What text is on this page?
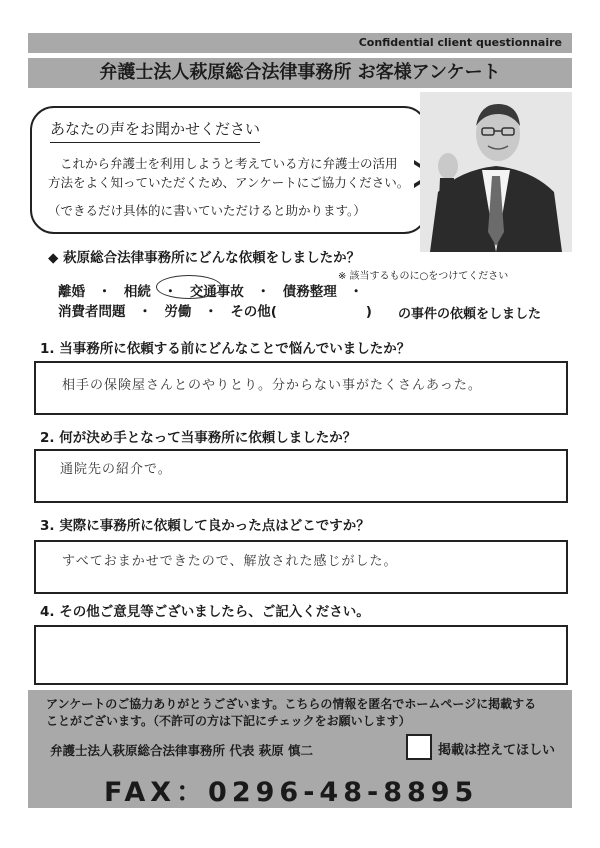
Confidential client questionnaire
弁護士法人萩原総合法律事務所 お客様アンケート
あなたの声をお聞かせください
これから弁護士を利用しようと考えている方に弁護士の活用
方法をよく知っていただくため、アンケートにご協力ください。
（できるだけ具体的に書いていただけると助かります。）
◆ 萩原総合法律事務所にどんな依頼をしましたか？
※ 該当するものに○をつけてください
離婚 ・ 相続 ・ 交通事故 ・ 債務整理 ・
消費者問題 ・ 労働 ・ その他(	) の事件の依頼をしました
1. 当事務所に依頼する前にどんなことで悩んでいましたか？
相手の保険屋さんとのやりとり。分からない事がたくさんあった。
2. 何が決め手となって当事務所に依頼しましたか？
通院先の紹介で。
3. 実際に事務所に依頼して良かった点はどこですか？
すべておまかせできたので、解放された感じがした。
4. その他ご意見等ございましたら、ご記入ください。
アンケートのご協力ありがとうございます。こちらの情報を匿名でホームページに掲載する
ことがございます。（不許可の方は下記にチェックをお願いします）
弁護士法人萩原総合法律事務所 代表 萩原 慎二	掲載は控えてほしい
FAX：0296-48-8895
